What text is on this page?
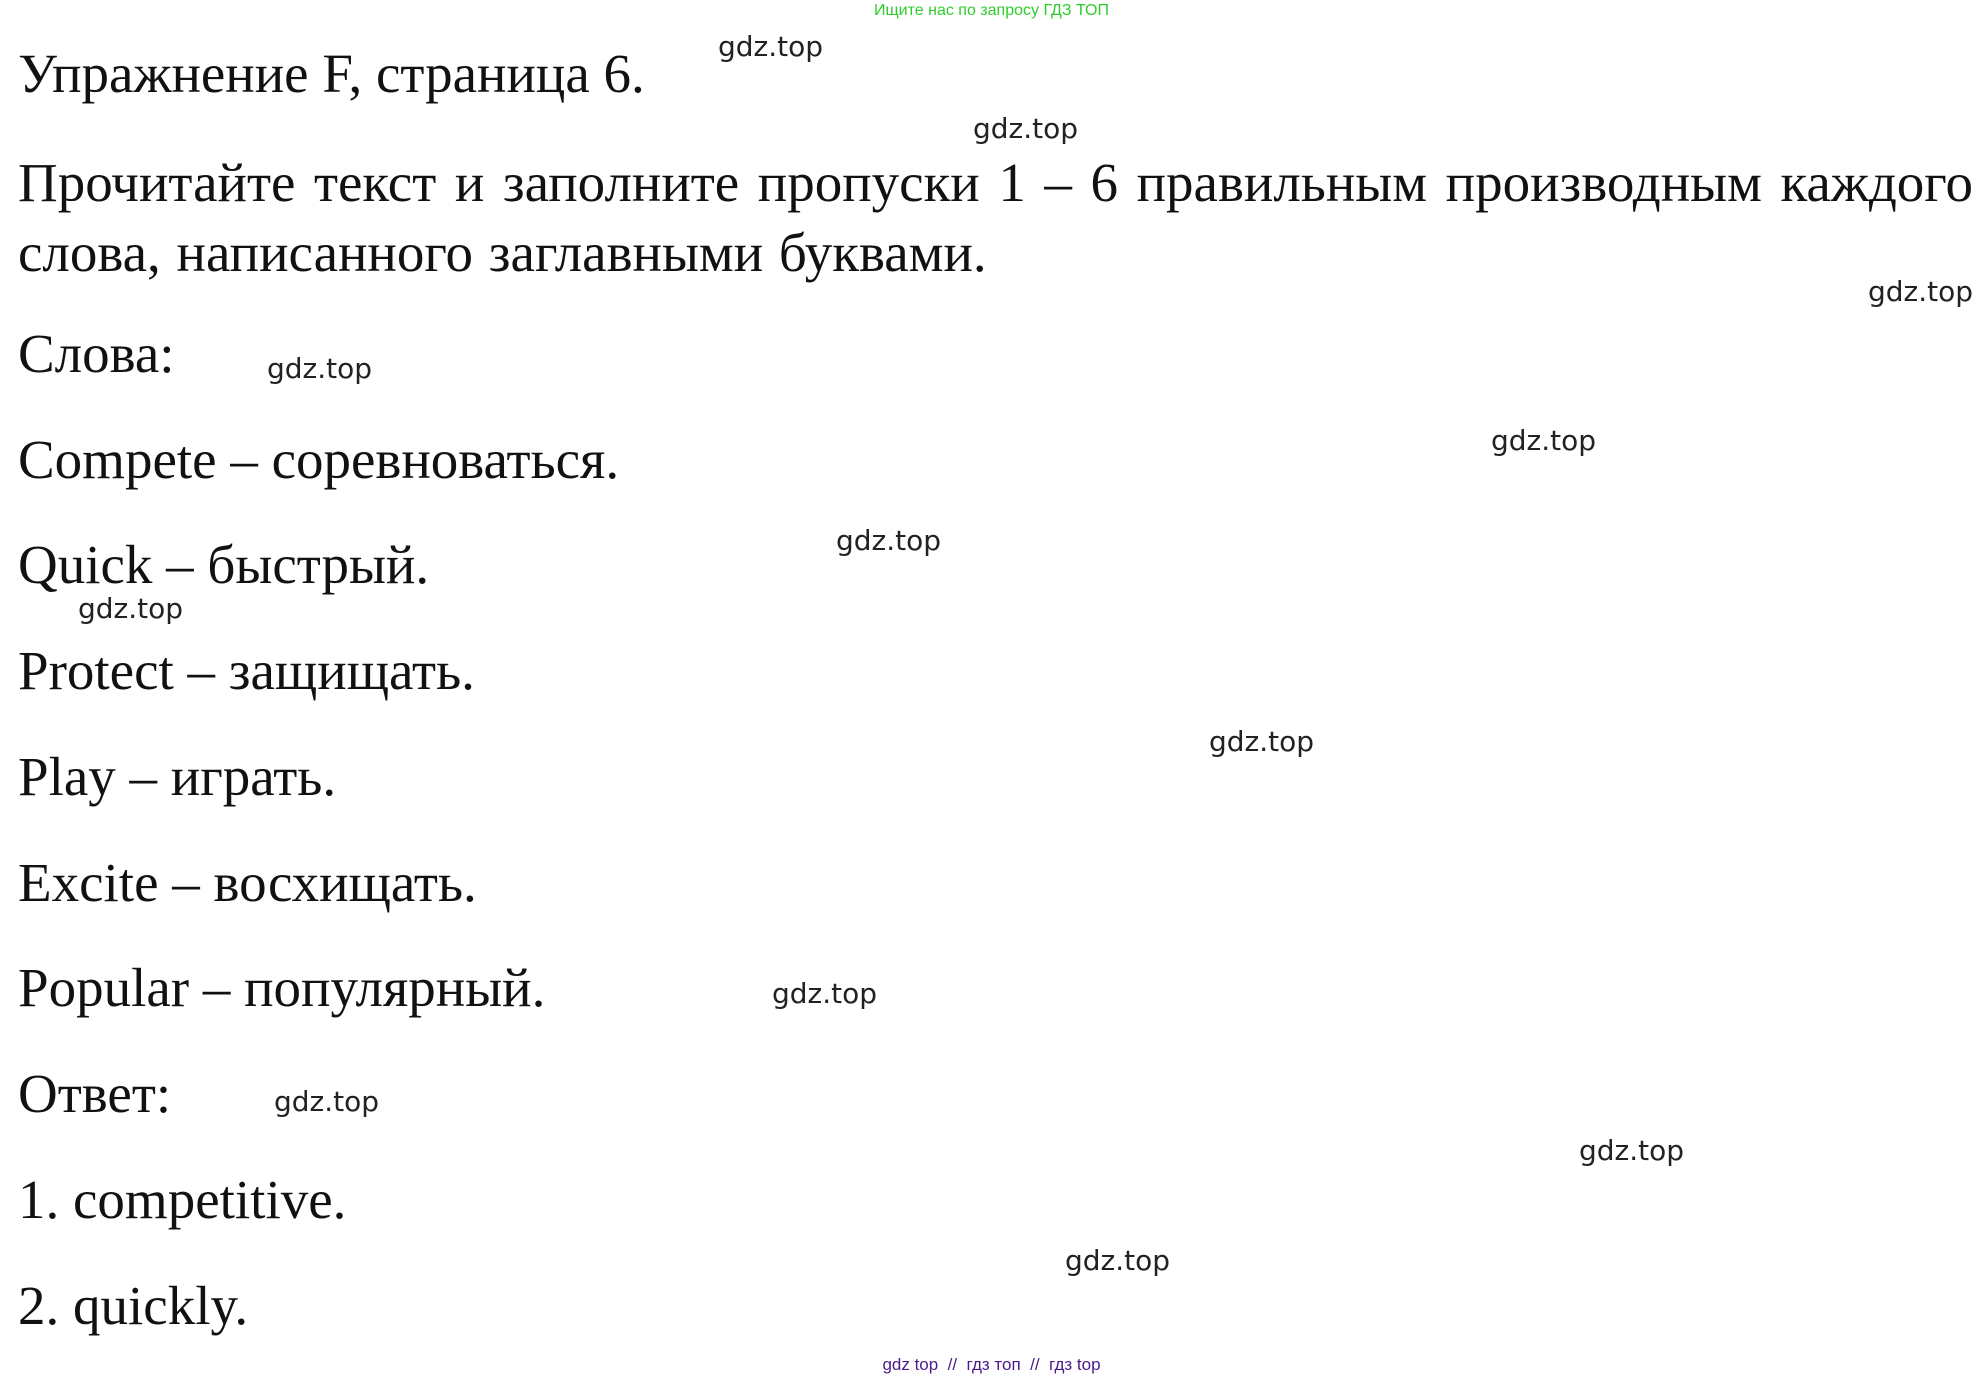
Ищите нас по запросу ГДЗ ТОП
Упражнение F, страница 6.
Прочитайте текст и заполните пропуски 1 – 6 правильным производным каждого слова, написанного заглавными буквами.
Слова:
Compete – соревноваться.
Quick – быстрый.
Protect – защищать.
Play – играть.
Excite – восхищать.
Popular – популярный.
Ответ:
1. competitive.
2. quickly.
gdz.top
gdz.top
gdz.top
gdz.top
gdz.top
gdz.top
gdz.top
gdz.top
gdz.top
gdz.top
gdz.top
gdz.top
gdz top  //  гдз топ  //  гдз top
